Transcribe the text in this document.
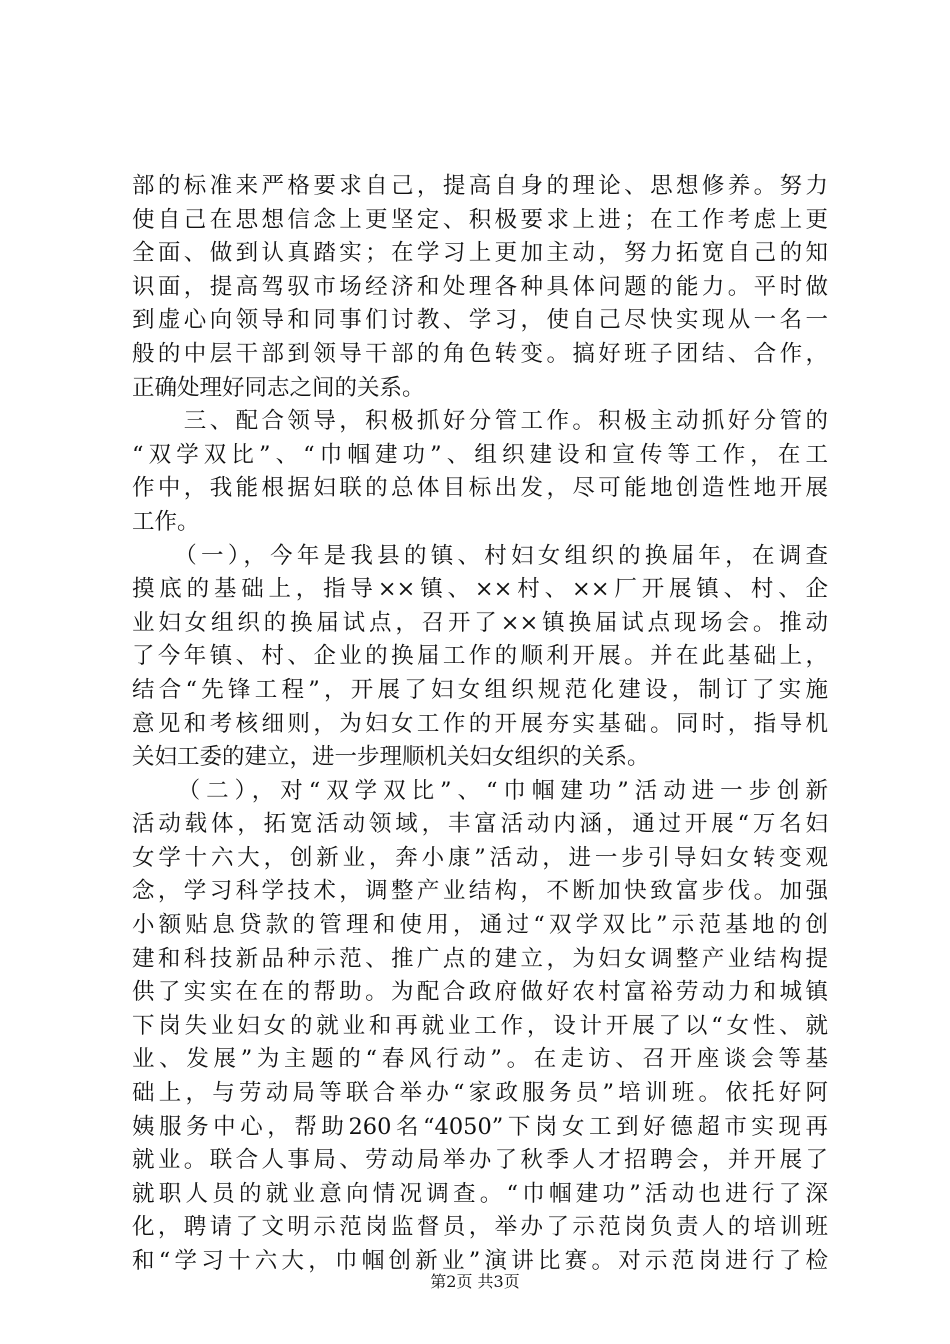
部的标准来严格要求自己，提高自身的理论、思想修养。努力
使自己在思想信念上更坚定、积极要求上进；在工作考虑上更
全面、做到认真踏实；在学习上更加主动，努力拓宽自己的知
识面，提高驾驭市场经济和处理各种具体问题的能力。平时做
到虚心向领导和同事们讨教、学习，使自己尽快实现从一名一
般的中层干部到领导干部的角色转变。搞好班子团结、合作，
正确处理好同志之间的关系。
　　三、配合领导，积极抓好分管工作。积极主动抓好分管的
“双学双比”、“巾帼建功”、组织建设和宣传等工作，在工
作中，我能根据妇联的总体目标出发，尽可能地创造性地开展
工作。
　　（一），今年是我县的镇、村妇女组织的换届年，在调查
摸底的基础上，指导××镇、××村、××厂开展镇、村、企
业妇女组织的换届试点，召开了××镇换届试点现场会。推动
了今年镇、村、企业的换届工作的顺利开展。并在此基础上，
结合“先锋工程”，开展了妇女组织规范化建设，制订了实施
意见和考核细则，为妇女工作的开展夯实基础。同时，指导机
关妇工委的建立，进一步理顺机关妇女组织的关系。
　　（二），对“双学双比”、“巾帼建功”活动进一步创新
活动载体，拓宽活动领域，丰富活动内涵，通过开展“万名妇
女学十六大，创新业，奔小康”活动，进一步引导妇女转变观
念，学习科学技术，调整产业结构，不断加快致富步伐。加强
小额贴息贷款的管理和使用，通过“双学双比”示范基地的创
建和科技新品种示范、推广点的建立，为妇女调整产业结构提
供了实实在在的帮助。为配合政府做好农村富裕劳动力和城镇
下岗失业妇女的就业和再就业工作，设计开展了以“女性、就
业、发展”为主题的“春风行动”。在走访、召开座谈会等基
础上，与劳动局等联合举办“家政服务员”培训班。依托好阿
姨服务中心，帮助260名“4050”下岗女工到好德超市实现再
就业。联合人事局、劳动局举办了秋季人才招聘会，并开展了
就职人员的就业意向情况调查。“巾帼建功”活动也进行了深
化，聘请了文明示范岗监督员，举办了示范岗负责人的培训班
和“学习十六大，巾帼创新业”演讲比赛。对示范岗进行了检
第2页 共3页
